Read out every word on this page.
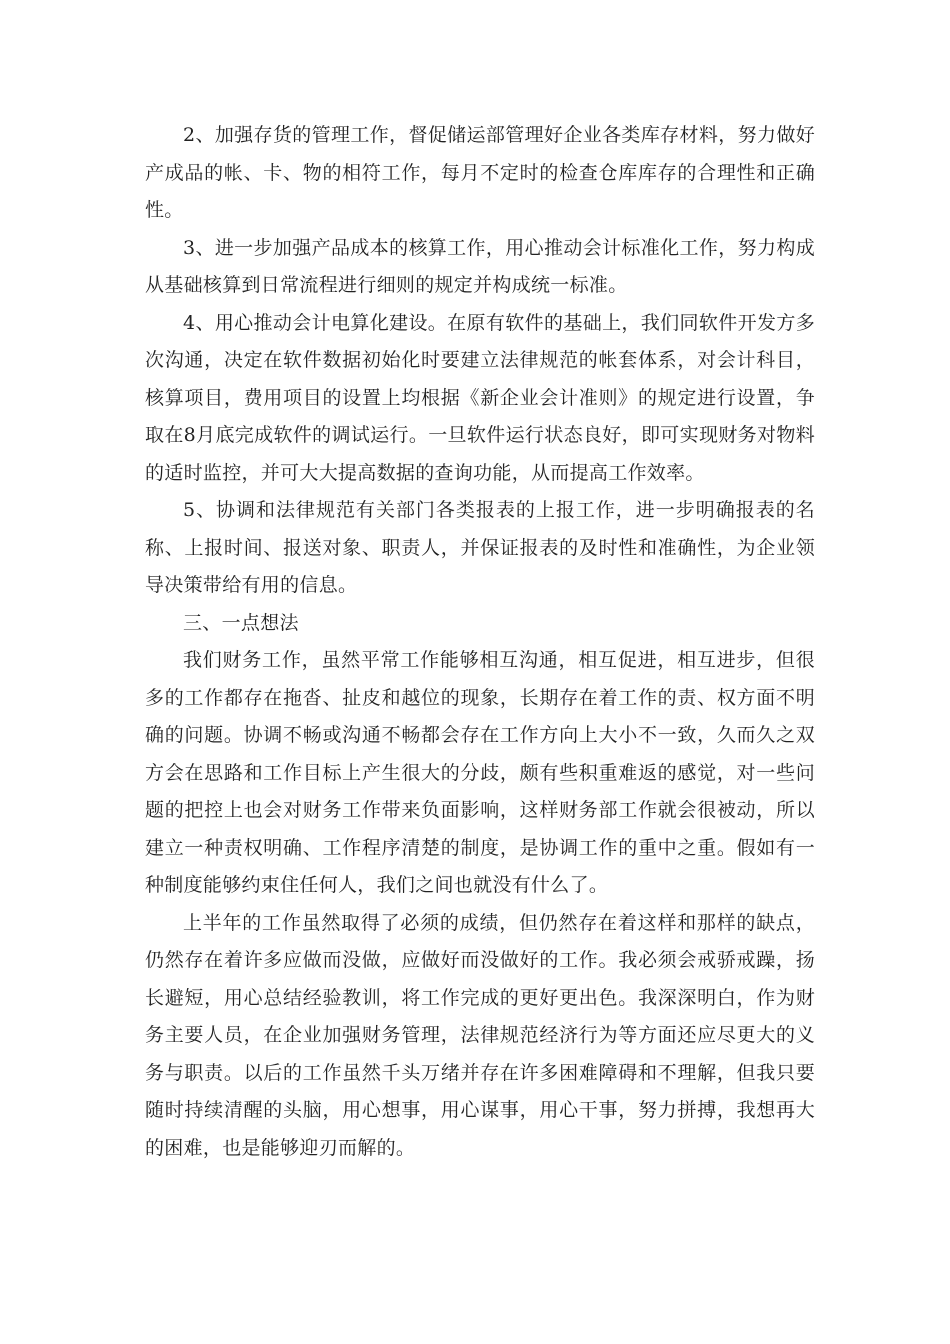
2、加强存货的管理工作，督促储运部管理好企业各类库存材料，努力做好产成品的帐、卡、物的相符工作，每月不定时的检查仓库库存的合理性和正确性。

3、进一步加强产品成本的核算工作，用心推动会计标准化工作，努力构成从基础核算到日常流程进行细则的规定并构成统一标准。

4、用心推动会计电算化建设。在原有软件的基础上，我们同软件开发方多次沟通，决定在软件数据初始化时要建立法律规范的帐套体系，对会计科目，核算项目，费用项目的设置上均根据《新企业会计准则》的规定进行设置，争取在8月底完成软件的调试运行。一旦软件运行状态良好，即可实现财务对物料的适时监控，并可大大提高数据的查询功能，从而提高工作效率。

5、协调和法律规范有关部门各类报表的上报工作，进一步明确报表的名称、上报时间、报送对象、职责人，并保证报表的及时性和准确性，为企业领导决策带给有用的信息。

三、一点想法

我们财务工作，虽然平常工作能够相互沟通，相互促进，相互进步，但很多的工作都存在拖沓、扯皮和越位的现象，长期存在着工作的责、权方面不明确的问题。协调不畅或沟通不畅都会存在工作方向上大小不一致，久而久之双方会在思路和工作目标上产生很大的分歧，颇有些积重难返的感觉，对一些问题的把控上也会对财务工作带来负面影响，这样财务部工作就会很被动，所以建立一种责权明确、工作程序清楚的制度，是协调工作的重中之重。假如有一种制度能够约束住任何人，我们之间也就没有什么了。

上半年的工作虽然取得了必须的成绩，但仍然存在着这样和那样的缺点，仍然存在着许多应做而没做，应做好而没做好的工作。我必须会戒骄戒躁，扬长避短，用心总结经验教训，将工作完成的更好更出色。我深深明白，作为财务主要人员，在企业加强财务管理，法律规范经济行为等方面还应尽更大的义务与职责。以后的工作虽然千头万绪并存在许多困难障碍和不理解，但我只要随时持续清醒的头脑，用心想事，用心谋事，用心干事，努力拼搏，我想再大的困难，也是能够迎刃而解的。
